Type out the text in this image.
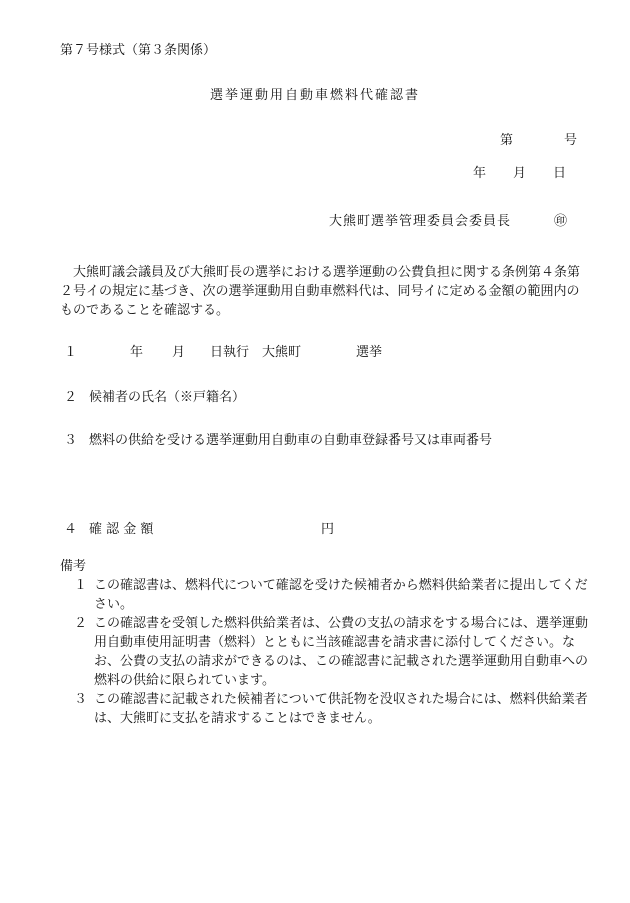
第７号様式（第３条関係）
選挙運動用自動車燃料代確認書
第	号
年 月 日
大熊町選挙管理委員会委員長	㊞
大熊町議会議員及び大熊町長の選挙における選挙運動の公費負担に関する条例第４条第２号イの規定に基づき、次の選挙運動用自動車燃料代は、同号イに定める金額の範囲内のものであることを確認する。
１	年 月 日執行 大熊町	選挙
２ 候補者の氏名（※戸籍名）
３ 燃料の供給を受ける選挙運動用自動車の自動車登録番号又は車両番号
４ 確 認 金 額	円
備考
１ この確認書は、燃料代について確認を受けた候補者から燃料供給業者に提出してください。
２ この確認書を受領した燃料供給業者は、公費の支払の請求をする場合には、選挙運動用自動車使用証明書（燃料）とともに当該確認書を請求書に添付してください。なお、公費の支払の請求ができるのは、この確認書に記載された選挙運動用自動車への燃料の供給に限られています。
３ この確認書に記載された候補者について供託物を没収された場合には、燃料供給業者は、大熊町に支払を請求することはできません。
